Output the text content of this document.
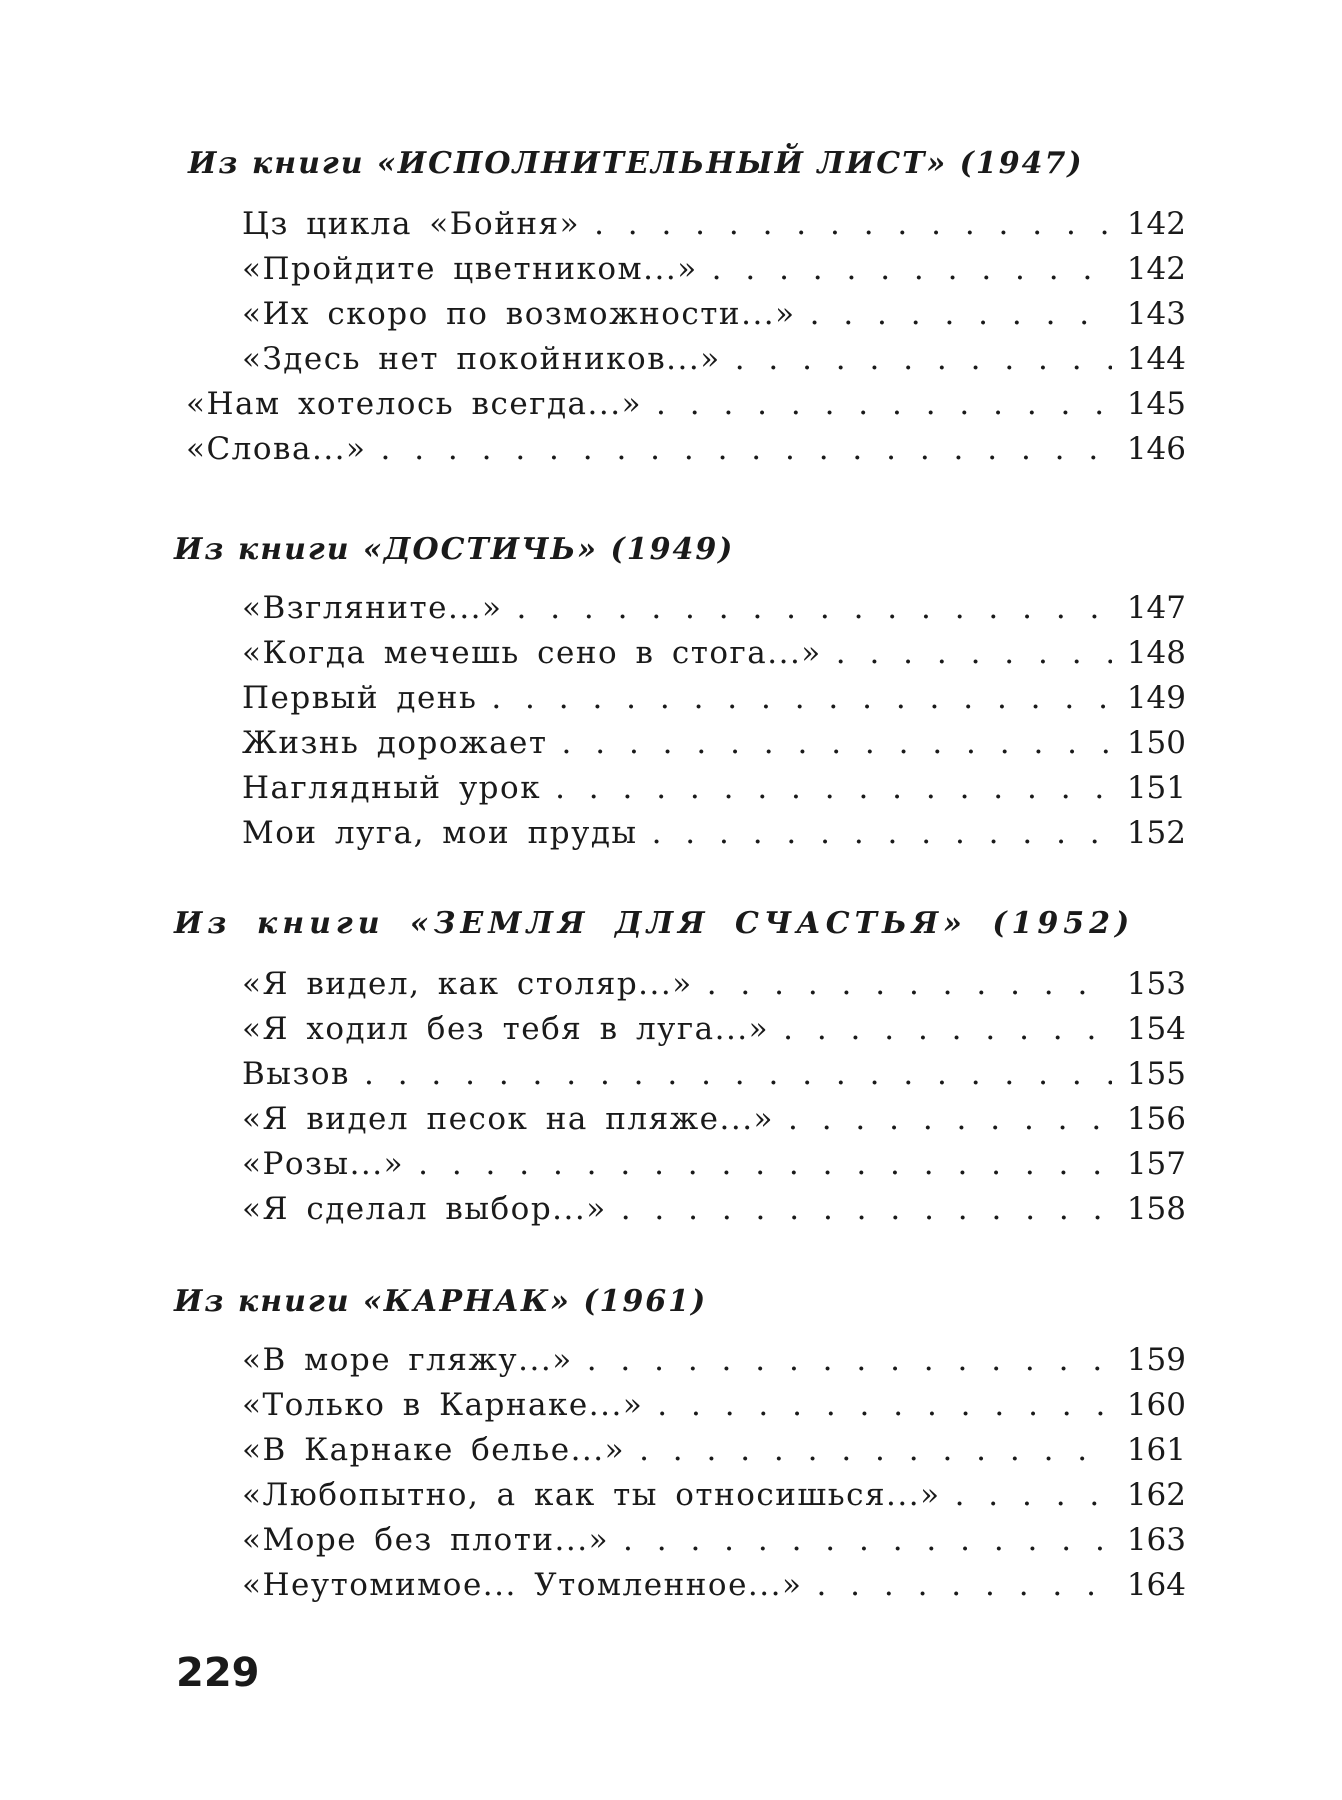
Из книги «ИСПОЛНИТЕЛЬНЫЙ ЛИСТ» (1947)
Цз цикла «Бойня» . . .	142
«Пройдите цветником...» . . .	142
«Их скоро по возможности...» . . .	143
«Здесь нет покойников...» . . .	144
«Нам хотелось всегда...» . . .	145
«Слова...» . . .	146
Из книги «ДОСТИЧЬ» (1949)
«Взгляните...» . . .	147
«Когда мечешь сено в стога...» . . .	148
Первый день . . .	149
Жизнь дорожает . . .	150
Наглядный урок . . .	151
Мои луга, мои пруды . . .	152
Из книги «ЗЕМЛЯ ДЛЯ СЧАСТЬЯ» (1952)
«Я видел, как столяр...» . . .	153
«Я ходил без тебя в луга...» . . .	154
Вызов . . .	155
«Я видел песок на пляже...» . . .	156
«Розы...» . . .	157
«Я сделал выбор...» . . .	158
Из книги «КАРНАК» (1961)
«В море гляжу...» . . .	159
«Только в Карнаке...» . . .	160
«В Карнаке белье...» . . .	161
«Любопытно, а как ты относишься...» . . .	162
«Море без плоти...» . . .	163
«Неутомимое... Утомленное...» . . .	164
229
